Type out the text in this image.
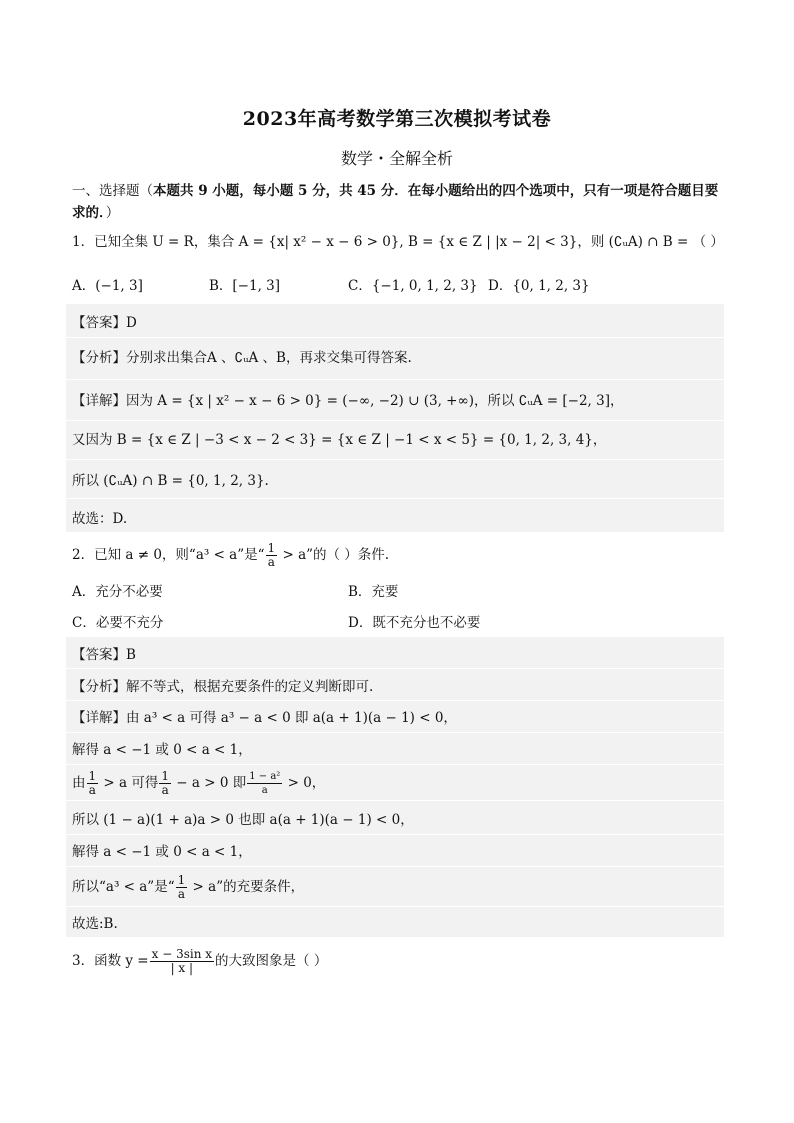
2023年高考数学第三次模拟考试卷
数学・全解全析
一、选择题（本题共 9 小题，每小题 5 分，共 45 分．在每小题给出的四个选项中，只有一项是符合题目要求的．）
1．已知全集 U = R，集合 A = {x| x² − x − 6 > 0}, B = {x ∈ Z | |x − 2| < 3}，则 (∁ᵤA) ∩ B = （ ）
A．(−1, 3]	B．[−1, 3]	C．{−1, 0, 1, 2, 3} D．{0, 1, 2, 3}
【答案】D
【分析】分别求出集合A 、∁ᵤA 、B，再求交集可得答案.
【详解】因为 A = {x | x² − x − 6 > 0} = (−∞, −2) ∪ (3, +∞)，所以 ∁ᵤA = [−2, 3]，
又因为 B = {x ∈ Z | −3 < x − 2 < 3} = {x ∈ Z | −1 < x < 5} = {0, 1, 2, 3, 4}，
所以 (∁ᵤA) ∩ B = {0, 1, 2, 3}.
故选：D.
2．已知 a ≠ 0，则“a³ < a”是“ $\frac{1}{a} > a$”的（ ）条件.
A．充分不必要	B．充要
C．必要不充分	D．既不充分也不必要
【答案】B
【分析】解不等式，根据充要条件的定义判断即可.
【详解】由 a³ < a 可得 a³ − a < 0 即 a(a + 1)(a − 1) < 0，
解得 a < −1 或 0 < a < 1，
由 $\frac{1}{a} > a$ 可得 $\frac{1}{a} - a > 0$ 即 $\frac{\text{1 − a²}}{a} > 0$，
所以 (1 − a)(1 + a)a > 0 也即 a(a + 1)(a − 1) < 0，
解得 a < −1 或 0 < a < 1，
所以“a³ < a”是“ $\frac{1}{a} > a$”的充要条件，
故选:B.
3．函数 $y = \frac{\text{x − 3sin x}}{| x |}$ 的大致图象是（ ）
